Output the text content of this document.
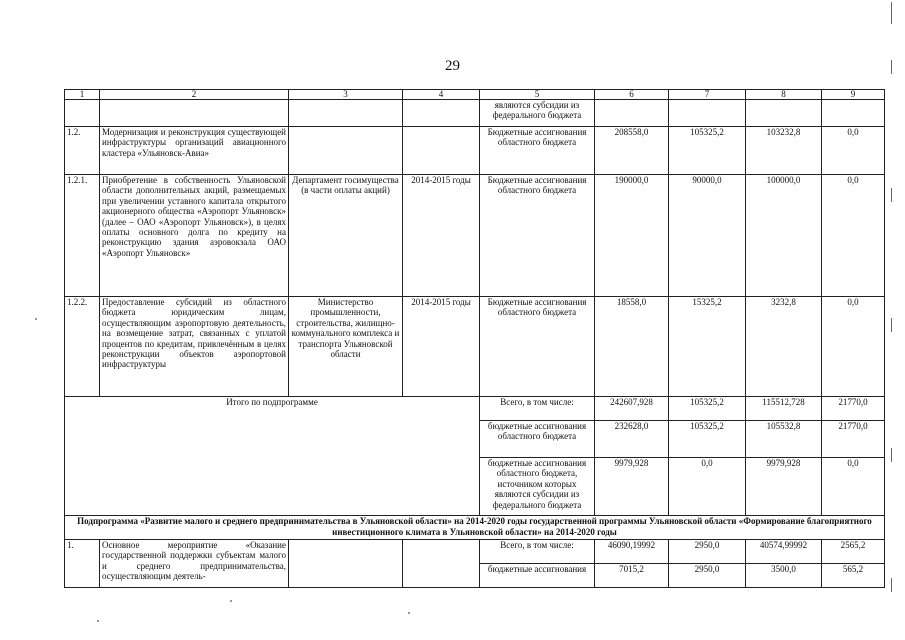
29
1	2	3	4	5	6	7	8	9
				являются субсидии из федерального бюджета				
1.2.	Модернизация и реконструкция существующей инфраструктуры организаций авиационного кластера «Ульяновск-Авиа»			Бюджетные ассигнования областного бюджета	208558,0	105325,2	103232,8	0,0
1.2.1.	Приобретение в собственность Ульяновской области дополнительных акций, размещаемых при увеличении уставного капитала открытого акционерного общества «Аэропорт Ульяновск» (далее – ОАО «Аэропорт Ульяновск»), в целях оплаты основного долга по кредиту на реконструкцию здания аэровокзала ОАО «Аэропорт Ульяновск»	Департамент госимущества (в части оплаты акций)	2014-2015 годы	Бюджетные ассигнования областного бюджета	190000,0	90000,0	100000,0	0,0
1.2.2.	Предоставление субсидий из областного бюджета юридическим лицам, осуществляющим аэропортовую деятельность, на возмещение затрат, связанных с уплатой процентов по кредитам, привлечённым в целях реконструкции объектов аэропортовой инфраструктуры	Министерство промышленности, строительства, жилищно-коммунального комплекса и транспорта Ульяновской области	2014-2015 годы	Бюджетные ассигнования областного бюджета	18558,0	15325,2	3232,8	0,0
Итого по подпрограмме				Всего, в том числе:	242607,928	105325,2	115512,728	21770,0
				бюджетные ассигнования областного бюджета	232628,0	105325,2	105532,8	21770,0
				бюджетные ассигнования областного бюджета, источником которых являются субсидии из федерального бюджета	9979,928	0,0	9979,928	0,0
Подпрограмма «Развитие малого и среднего предпринимательства в Ульяновской области» на 2014-2020 годы государственной программы Ульяновской области «Формирование благоприятного инвестиционного климата в Ульяновской области» на 2014-2020 годы								
1.	Основное мероприятие «Оказание государственной поддержки субъектам малого и среднего предпринимательства, осуществляющим деятель-			Всего, в том числе:	46090,19992	2950,0	40574,99992	2565,2
				бюджетные ассигнования	7015,2	2950,0	3500,0	565,2
